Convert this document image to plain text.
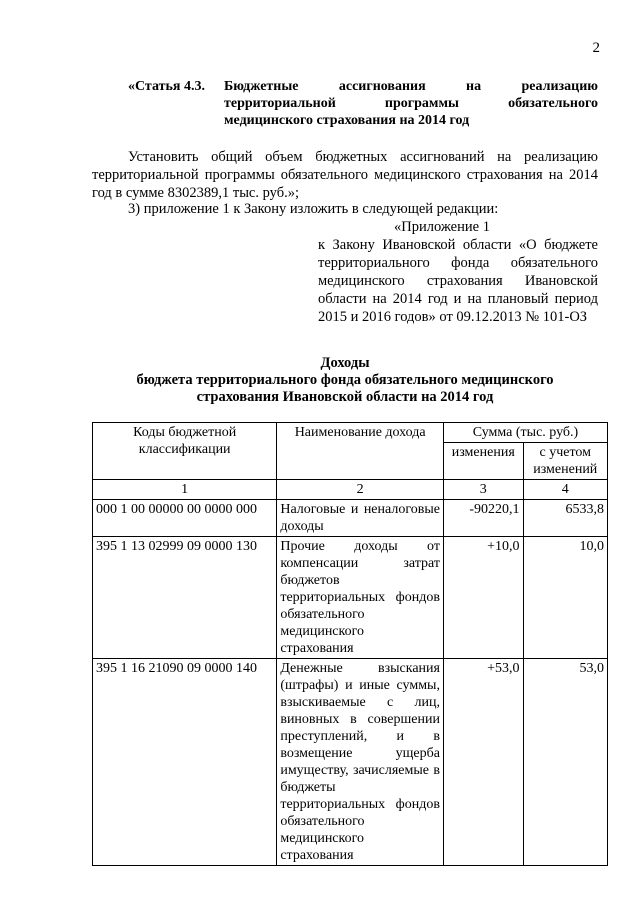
2
«Статья 4.3. Бюджетные ассигнования на реализацию территориальной программы обязательного медицинского страхования на 2014 год
Установить общий объем бюджетных ассигнований на реализацию территориальной программы обязательного медицинского страхования на 2014 год в сумме 8302389,1 тыс. руб.»;
3) приложение 1 к Закону изложить в следующей редакции:
«Приложение 1
к Закону Ивановской области «О бюджете территориального фонда обязательного медицинского страхования Ивановской области на 2014 год и на плановый период 2015 и 2016 годов» от 09.12.2013 № 101-ОЗ
Доходы
бюджета территориального фонда обязательного медицинского
страхования Ивановской области на 2014 год
Коды бюджетной классификации	Наименование дохода	Сумма (тыс. руб.)	
		изменения	с учетом изменений
1	2	3	4
000 1 00 00000 00 0000 000	Налоговые и неналоговые доходы	-90220,1	6533,8
395 1 13 02999 09 0000 130	Прочие доходы от компенсации затрат бюджетов территориальных фондов обязательного медицинского страхования	+10,0	10,0
395 1 16 21090 09 0000 140	Денежные взыскания (штрафы) и иные суммы, взыскиваемые с лиц, виновных в совершении преступлений, и в возмещение ущерба имуществу, зачисляемые в бюджеты территориальных фондов обязательного медицинского страхования	+53,0	53,0
